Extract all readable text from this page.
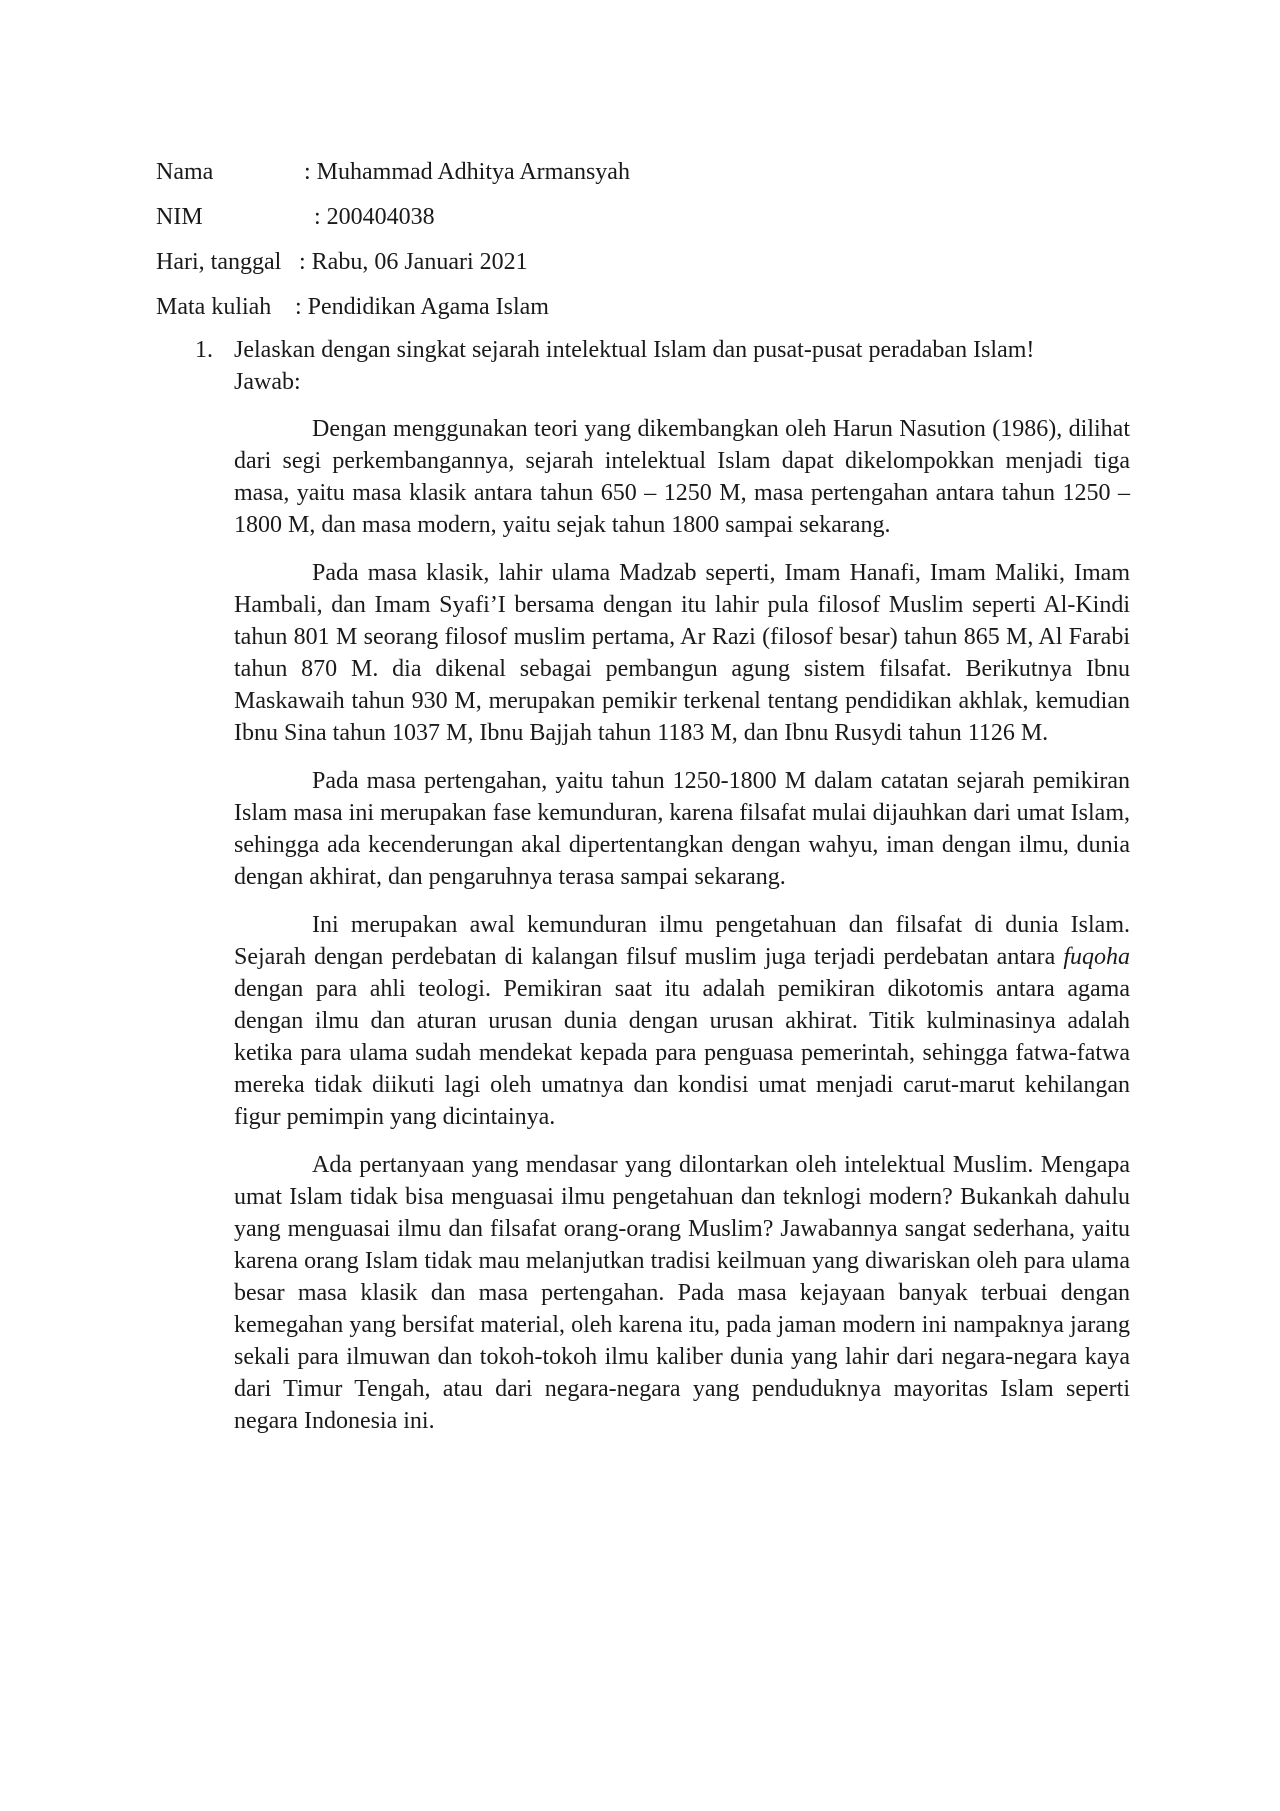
Nama	: Muhammad Adhitya Armansyah
NIM	: 200404038
Hari, tanggal : Rabu, 06 Januari 2021
Mata kuliah : Pendidikan Agama Islam
1. Jelaskan dengan singkat sejarah intelektual Islam dan pusat-pusat peradaban Islam!
Jawab:

Dengan menggunakan teori yang dikembangkan oleh Harun Nasution (1986), dilihat dari segi perkembangannya, sejarah intelektual Islam dapat dikelompokkan menjadi tiga masa, yaitu masa klasik antara tahun 650 – 1250 M, masa pertengahan antara tahun 1250 – 1800 M, dan masa modern, yaitu sejak tahun 1800 sampai sekarang.

Pada masa klasik, lahir ulama Madzab seperti, Imam Hanafi, Imam Maliki, Imam Hambali, dan Imam Syafi’I bersama dengan itu lahir pula filosof Muslim seperti Al-Kindi tahun 801 M seorang filosof muslim pertama, Ar Razi (filosof besar) tahun 865 M, Al Farabi tahun 870 M. dia dikenal sebagai pembangun agung sistem filsafat. Berikutnya Ibnu Maskawaih tahun 930 M, merupakan pemikir terkenal tentang pendidikan akhlak, kemudian Ibnu Sina tahun 1037 M, Ibnu Bajjah tahun 1183 M, dan Ibnu Rusydi tahun 1126 M.

Pada masa pertengahan, yaitu tahun 1250-1800 M dalam catatan sejarah pemikiran Islam masa ini merupakan fase kemunduran, karena filsafat mulai dijauhkan dari umat Islam, sehingga ada kecenderungan akal dipertentangkan dengan wahyu, iman dengan ilmu, dunia dengan akhirat, dan pengaruhnya terasa sampai sekarang.

Ini merupakan awal kemunduran ilmu pengetahuan dan filsafat di dunia Islam. Sejarah dengan perdebatan di kalangan filsuf muslim juga terjadi perdebatan antara fuqoha dengan para ahli teologi. Pemikiran saat itu adalah pemikiran dikotomis antara agama dengan ilmu dan aturan urusan dunia dengan urusan akhirat. Titik kulminasinya adalah ketika para ulama sudah mendekat kepada para penguasa pemerintah, sehingga fatwa-fatwa mereka tidak diikuti lagi oleh umatnya dan kondisi umat menjadi carut-marut kehilangan figur pemimpin yang dicintainya.

Ada pertanyaan yang mendasar yang dilontarkan oleh intelektual Muslim. Mengapa umat Islam tidak bisa menguasai ilmu pengetahuan dan teknlogi modern? Bukankah dahulu yang menguasai ilmu dan filsafat orang-orang Muslim? Jawabannya sangat sederhana, yaitu karena orang Islam tidak mau melanjutkan tradisi keilmuan yang diwariskan oleh para ulama besar masa klasik dan masa pertengahan. Pada masa kejayaan banyak terbuai dengan kemegahan yang bersifat material, oleh karena itu, pada jaman modern ini nampaknya jarang sekali para ilmuwan dan tokoh-tokoh ilmu kaliber dunia yang lahir dari negara-negara kaya dari Timur Tengah, atau dari negara-negara yang penduduknya mayoritas Islam seperti negara Indonesia ini.
